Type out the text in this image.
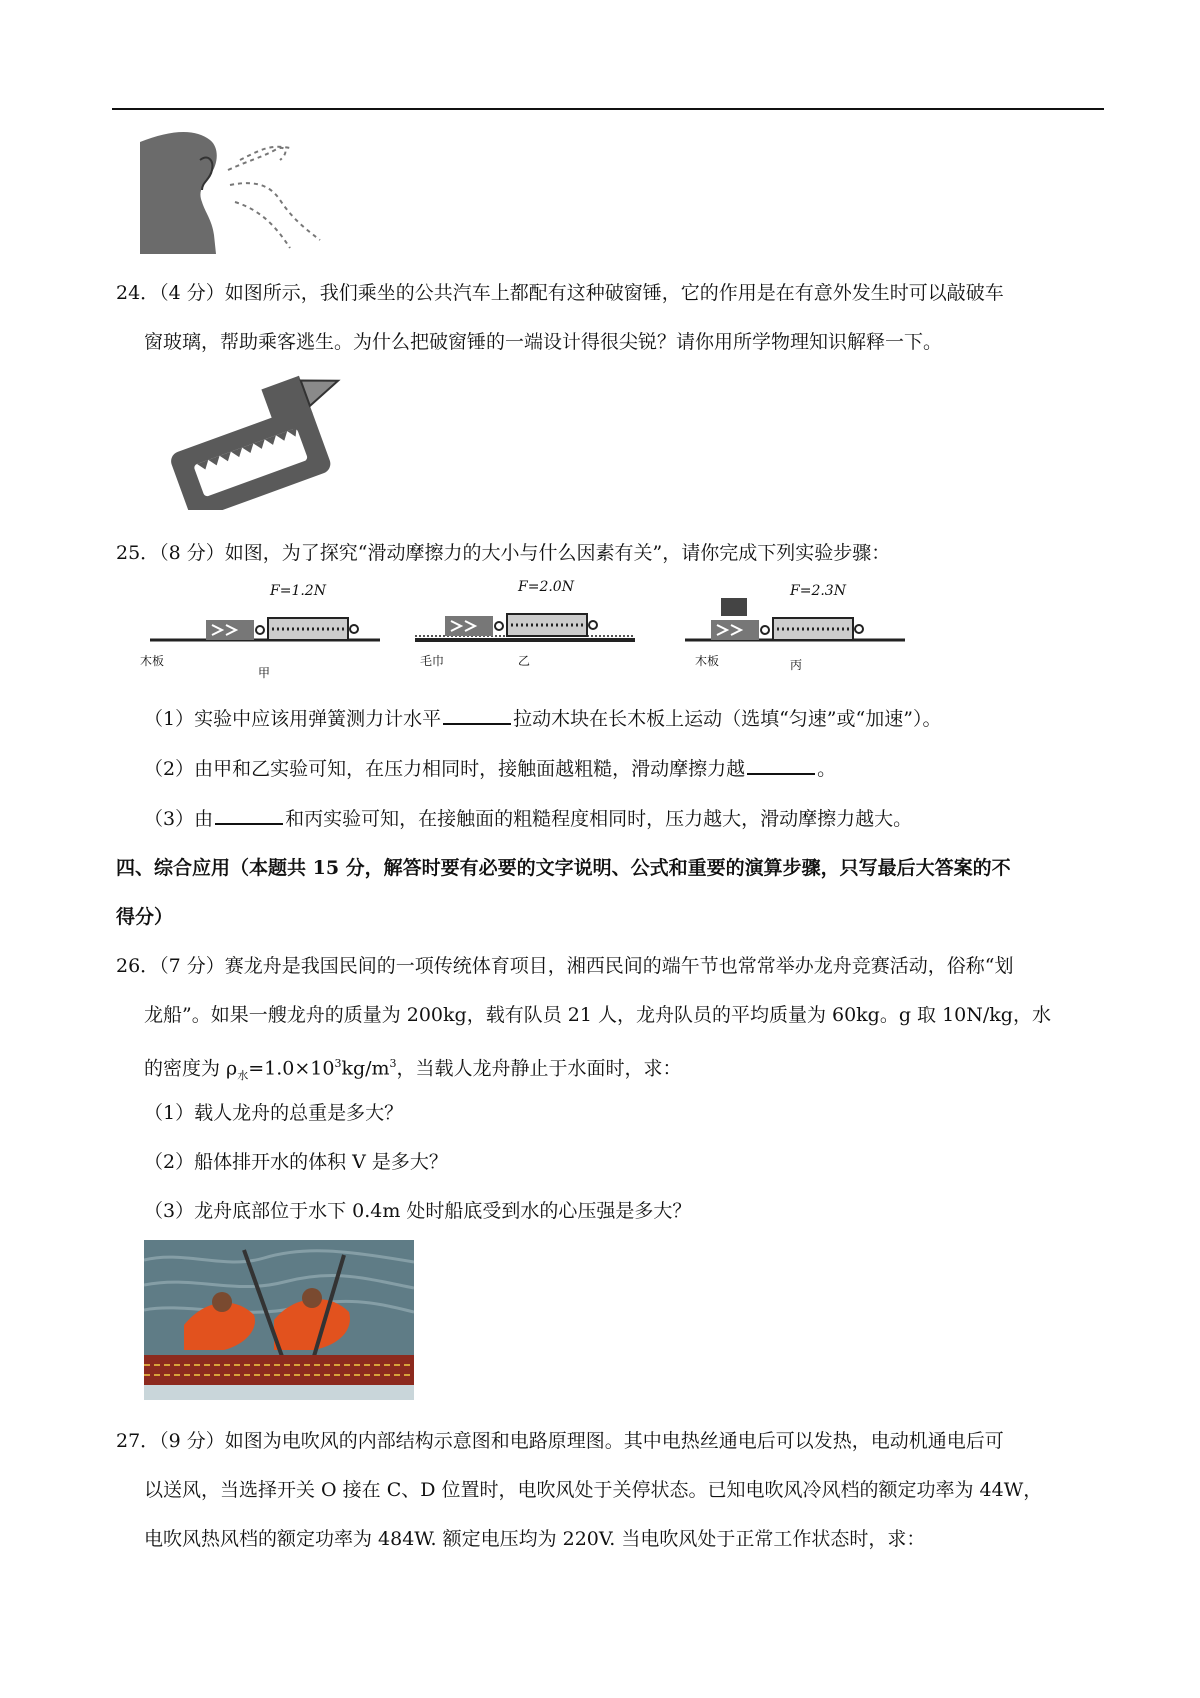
24．（4 分）如图所示，我们乘坐的公共汽车上都配有这种破窗锤，它的作用是在有意外发生时可以敲破车
窗玻璃，帮助乘客逃生。为什么把破窗锤的一端设计得很尖锐？请你用所学物理知识解释一下。
25．（8 分）如图，为了探究“滑动摩擦力的大小与什么因素有关”，请你完成下列实验步骤：
F=1.2N
木板
甲
F=2.0N
毛巾	乙
F=2.3N
木板	丙
（1）实验中应该用弹簧测力计水平	拉动木块在长木板上运动（选填“匀速”或“加速”）。
（2）由甲和乙实验可知，在压力相同时，接触面越粗糙，滑动摩擦力越	。
（3）由	和丙实验可知，在接触面的粗糙程度相同时，压力越大，滑动摩擦力越大。
四、综合应用（本题共 15 分，解答时要有必要的文字说明、公式和重要的演算步骤，只写最后大答案的不
得分）
26．（7 分）赛龙舟是我国民间的一项传统体育项目，湘西民间的端午节也常常举办龙舟竞赛活动，俗称“划
龙船”。如果一艘龙舟的质量为 200kg，载有队员 21 人，龙舟队员的平均质量为 60kg。g 取 10N/kg，水
的密度为 $\rho_水=1.0\times 10^3kg/m^3$，当载人龙舟静止于水面时，求：
（1）载人龙舟的总重是多大？
（2）船体排开水的体积 V 是多大？
（3）龙舟底部位于水下 0.4m 处时船底受到水的心压强是多大？
27．（9 分）如图为电吹风的内部结构示意图和电路原理图。其中电热丝通电后可以发热，电动机通电后可
以送风，当选择开关 O 接在 C、D 位置时，电吹风处于关停状态。已知电吹风冷风档的额定功率为 44W，
电吹风热风档的额定功率为 484W. 额定电压均为 220V. 当电吹风处于正常工作状态时，求：
